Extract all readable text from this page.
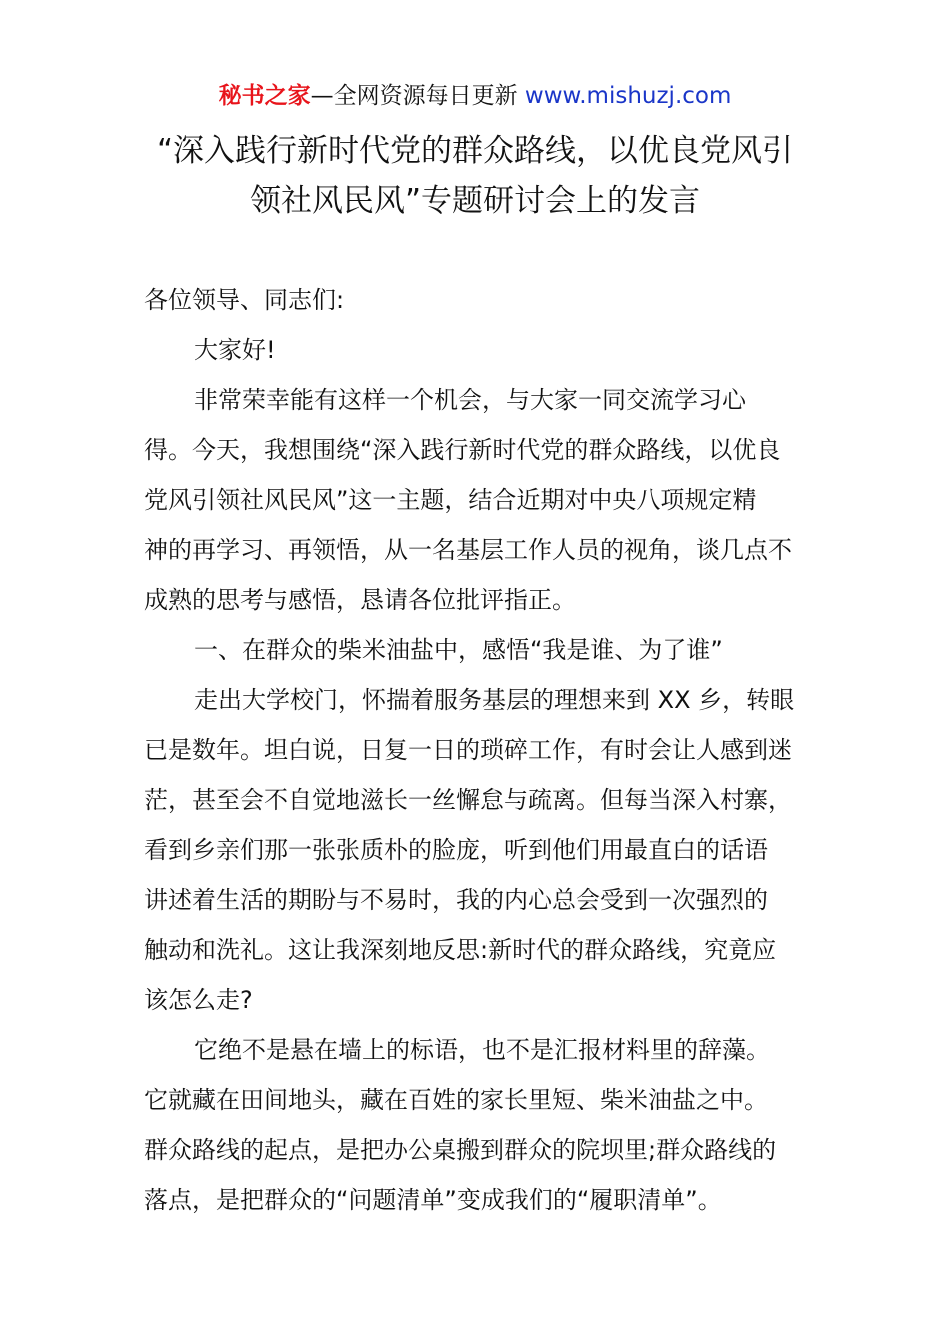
秘书之家—全网资源每日更新 www.mishuzj.com
“深入践行新时代党的群众路线，以优良党风引
领社风民风”专题研讨会上的发言
各位领导、同志们:
大家好!
非常荣幸能有这样一个机会，与大家一同交流学习心
得。今天，我想围绕“深入践行新时代党的群众路线，以优良
党风引领社风民风”这一主题，结合近期对中央八项规定精
神的再学习、再领悟，从一名基层工作人员的视角，谈几点不
成熟的思考与感悟，恳请各位批评指正。
一、在群众的柴米油盐中，感悟“我是谁、为了谁”
走出大学校门，怀揣着服务基层的理想来到 XX 乡，转眼
已是数年。坦白说，日复一日的琐碎工作，有时会让人感到迷
茫，甚至会不自觉地滋长一丝懈怠与疏离。但每当深入村寨，
看到乡亲们那一张张质朴的脸庞，听到他们用最直白的话语
讲述着生活的期盼与不易时，我的内心总会受到一次强烈的
触动和洗礼。这让我深刻地反思:新时代的群众路线，究竟应
该怎么走?
它绝不是悬在墙上的标语，也不是汇报材料里的辞藻。
它就藏在田间地头，藏在百姓的家长里短、柴米油盐之中。
群众路线的起点，是把办公桌搬到群众的院坝里;群众路线的
落点，是把群众的“问题清单”变成我们的“履职清单”。
